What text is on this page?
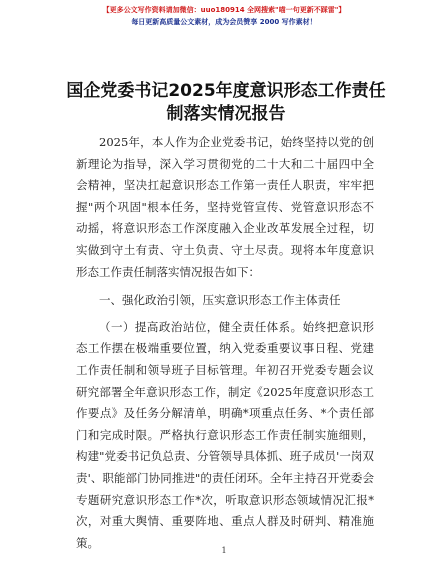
【更多公文写作资料请加微信：uuo180914 全网搜索"喵一句更新不踩雷"】
每日更新高质量公文素材，成为会员赞享 2000 写作素材！
国企党委书记2025年度意识形态工作责任制落实情况报告

2025年，本人作为企业党委书记，始终坚持以党的创新理论为指导，深入学习贯彻党的二十大和二十届四中全会精神，坚决扛起意识形态工作第一责任人职责，牢牢把握"两个巩固"根本任务，坚持党管宣传、党管意识形态不动摇，将意识形态工作深度融入企业改革发展全过程，切实做到守土有责、守土负责、守土尽责。现将本年度意识形态工作责任制落实情况报告如下：

一、强化政治引领，压实意识形态工作主体责任

（一）提高政治站位，健全责任体系。始终把意识形态工作摆在极端重要位置，纳入党委重要议事日程、党建工作责任制和领导班子目标管理。年初召开党委专题会议研究部署全年意识形态工作，制定《2025年度意识形态工作要点》及任务分解清单，明确*项重点任务、*个责任部门和完成时限。严格执行意识形态工作责任制实施细则，构建"党委书记负总责、分管领导具体抓、班子成员'一岗双责'、职能部门协同推进"的责任闭环。全年主持召开党委会专题研究意识形态工作*次，听取意识形态领域情况汇报*次，对重大舆情、重要阵地、重点人群及时研判、精准施策。

1
